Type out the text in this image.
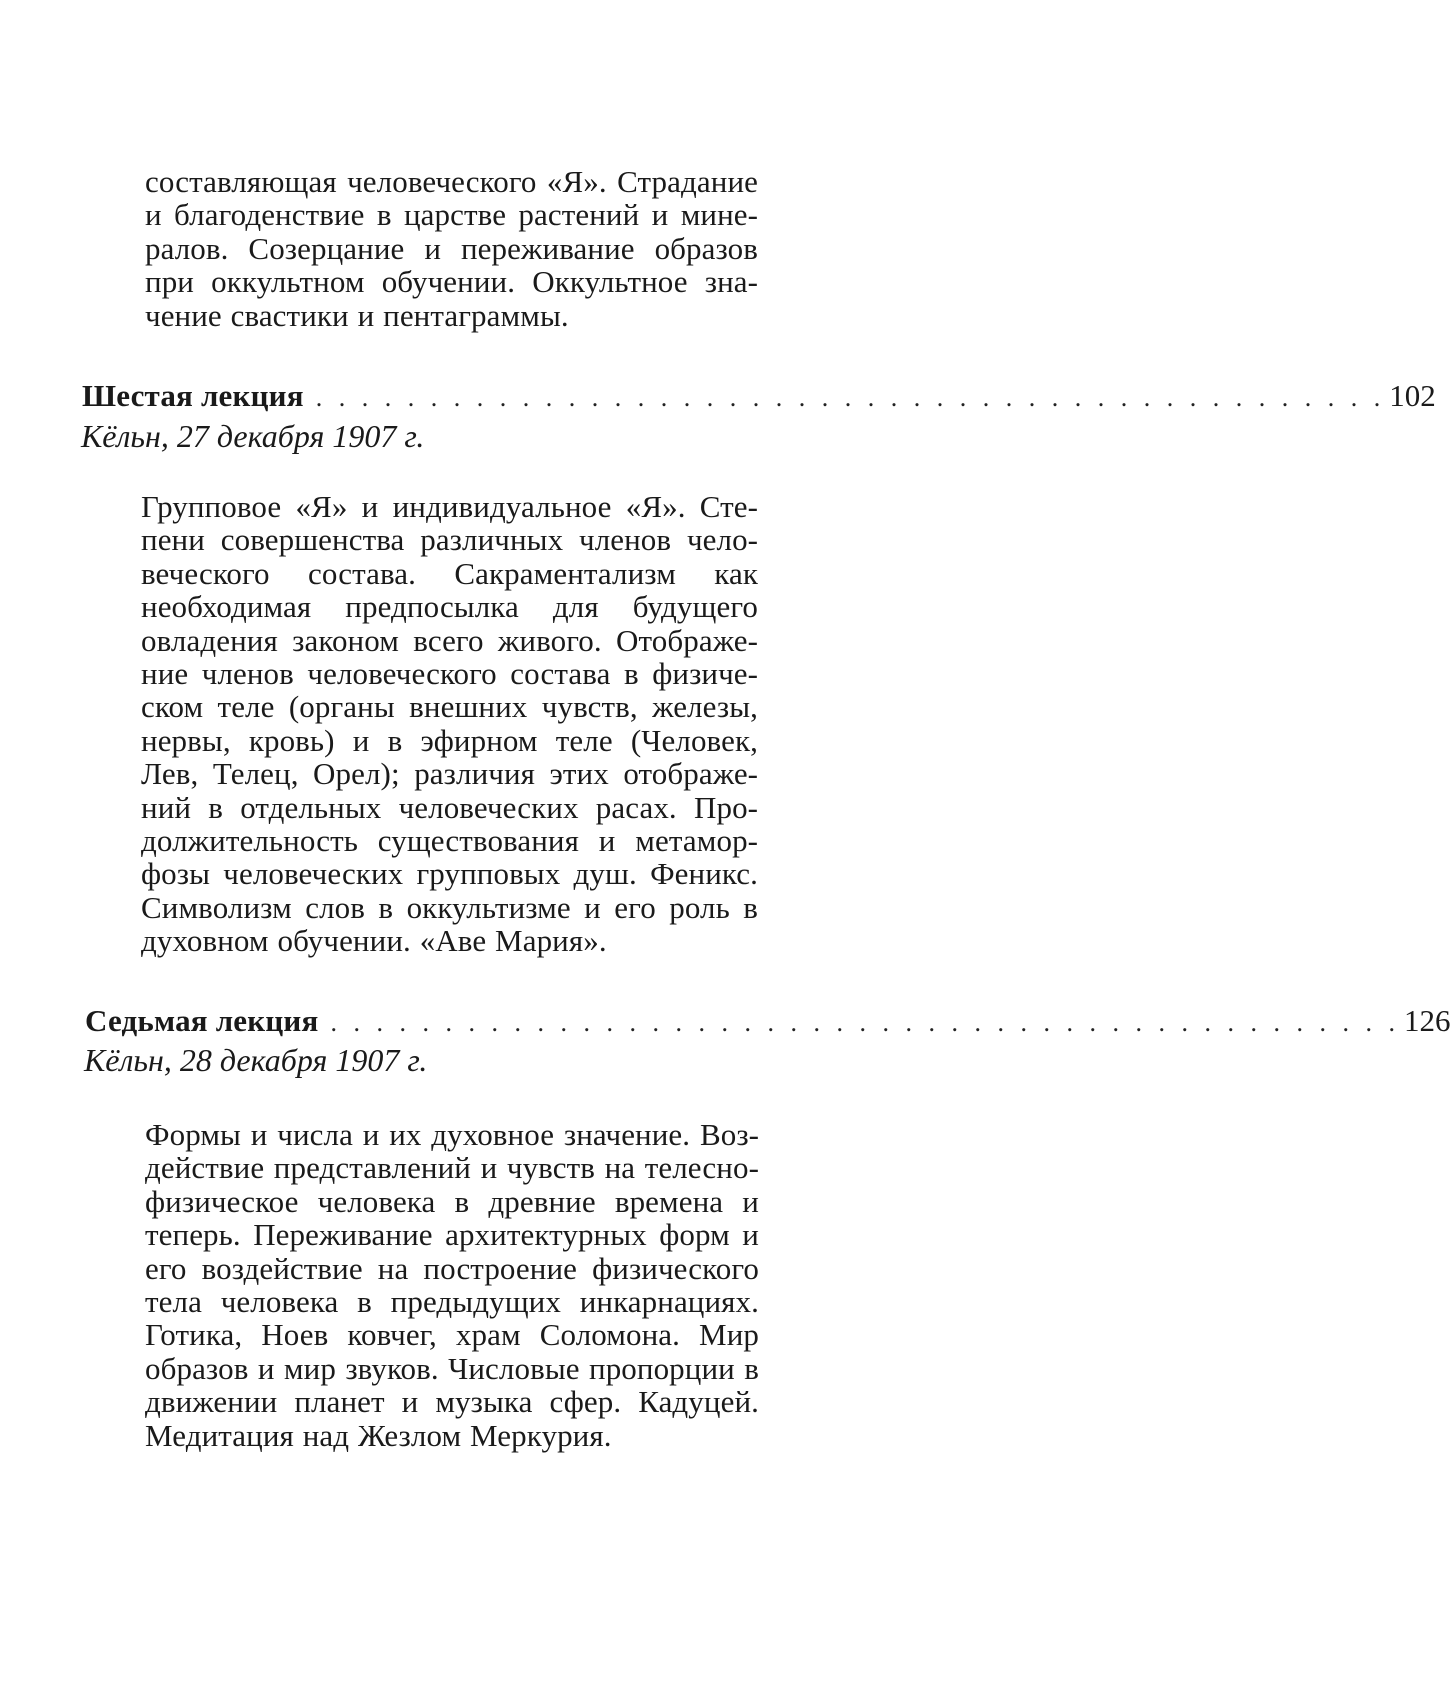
составляющая человеческого «Я». Страдание и благоденствие в царстве растений и минералов. Созерцание и переживание образов при оккультном обучении. Оккультное значение свастики и пентаграммы.

Шестая лекция . . . . . . . . . . . . . . . . . . . . . . . . . . . . . . . . . . . . . . . . . . . . . . . 102
Кёльн, 27 декабря 1907 г.

Групповое «Я» и индивидуальное «Я». Степени совершенства различных членов человеческого состава. Сакраментализм как необходимая предпосылка для будущего овладения законом всего живого. Отображение членов человеческого состава в физическом теле (органы внешних чувств, железы, нервы, кровь) и в эфирном теле (Человек, Лев, Телец, Орел); различия этих отображений в отдельных человеческих расах. Продолжительность существования и метаморфозы человеческих групповых душ. Феникс. Символизм слов в оккультизме и его роль в духовном обучении. «Аве Мария».

Седьмая лекция . . . . . . . . . . . . . . . . . . . . . . . . . . . . . . . . . . . . . . . . . . . . . . . 126
Кёльн, 28 декабря 1907 г.

Формы и числа и их духовное значение. Воздействие представлений и чувств на телесно-физическое человека в древние времена и теперь. Переживание архитектурных форм и его воздействие на построение физического тела человека в предыдущих инкарнациях. Готика, Ноев ковчег, храм Соломона. Мир образов и мир звуков. Числовые пропорции в движении планет и музыка сфер. Кадуцей. Медитация над Жезлом Меркурия.
